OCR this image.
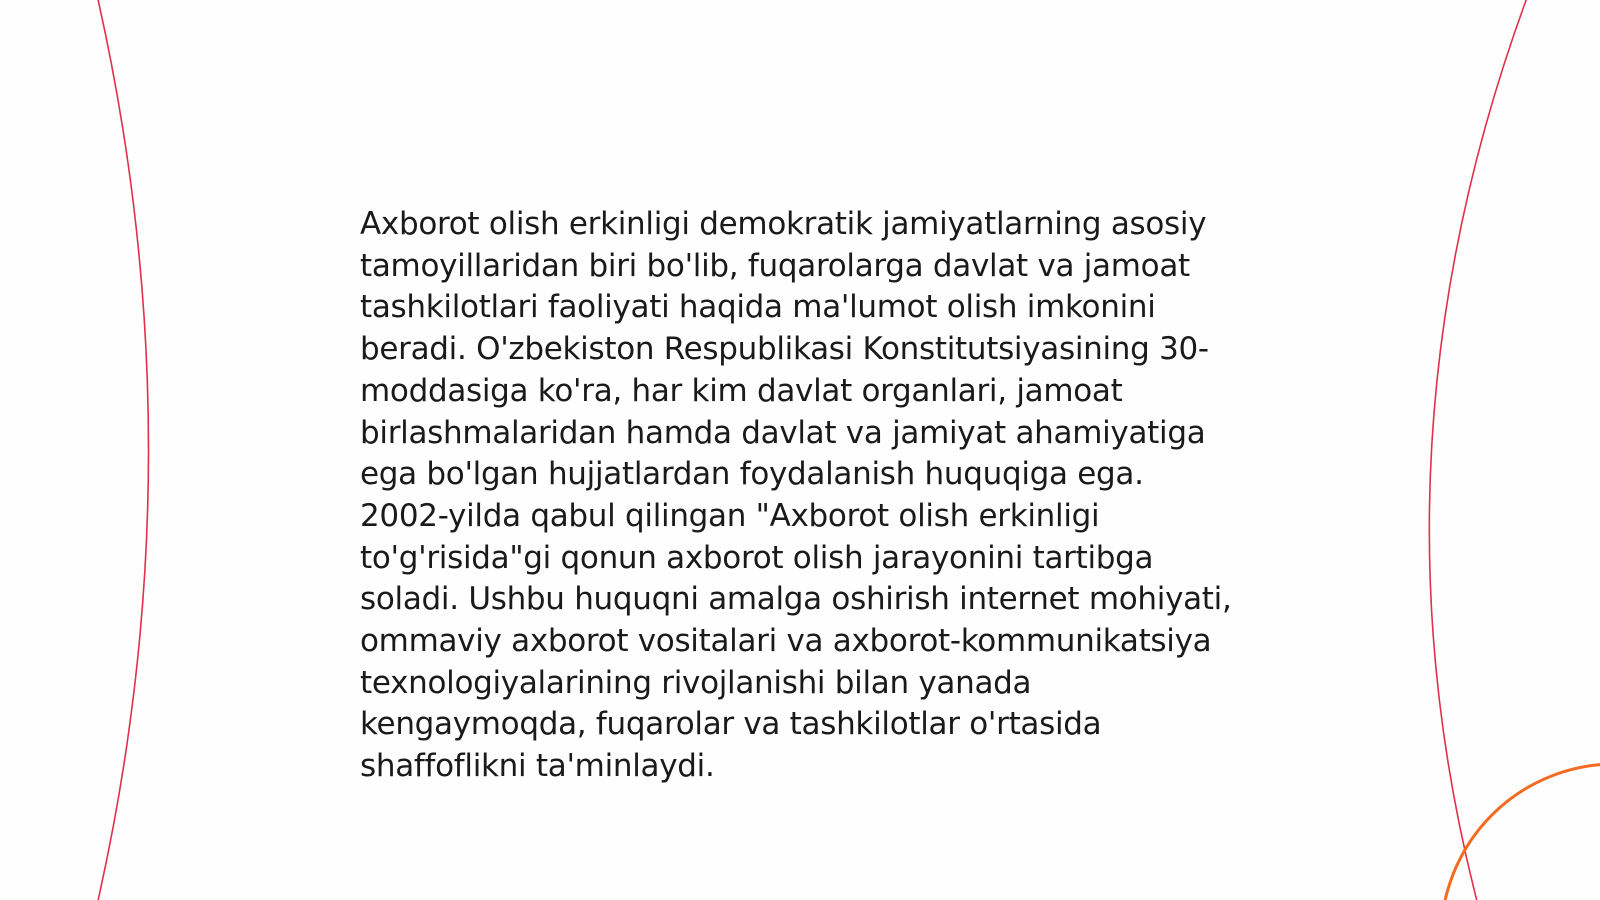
Axborot olish erkinligi demokratik jamiyatlarning asosiy tamoyillaridan biri bo'lib, fuqarolarga davlat va jamoat tashkilotlari faoliyati haqida ma'lumot olish imkonini beradi. O'zbekiston Respublikasi Konstitutsiyasining 30-moddasiga ko'ra, har kim davlat organlari, jamoat birlashmalaridan hamda davlat va jamiyat ahamiyatiga ega bo'lgan hujjatlardan foydalanish huquqiga ega. 2002-yilda qabul qilingan "Axborot olish erkinligi to'g'risida"gi qonun axborot olish jarayonini tartibga soladi. Ushbu huquqni amalga oshirish internet mohiyati, ommaviy axborot vositalari va axborot-kommunikatsiya texnologiyalarining rivojlanishi bilan yanada kengaymoqda, fuqarolar va tashkilotlar o'rtasida shaffoflikni ta'minlaydi.
